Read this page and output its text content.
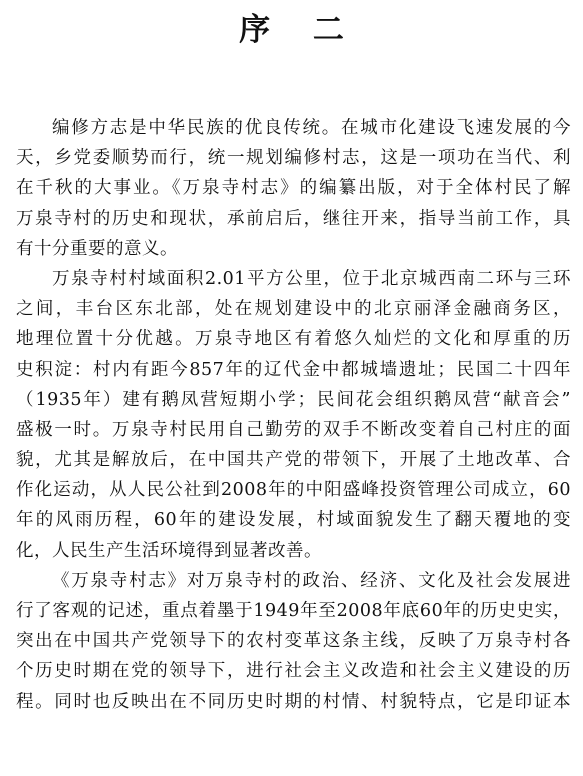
序 二
编修方志是中华民族的优良传统。在城市化建设飞速发展的今
天，乡党委顺势而行，统一规划编修村志，这是一项功在当代、利
在千秋的大事业。《万泉寺村志》的编纂出版，对于全体村民了解
万泉寺村的历史和现状，承前启后，继往开来，指导当前工作，具
有十分重要的意义。
万泉寺村村域面积2.01平方公里，位于北京城西南二环与三环
之间，丰台区东北部，处在规划建设中的北京丽泽金融商务区，
地理位置十分优越。万泉寺地区有着悠久灿烂的文化和厚重的历
史积淀：村内有距今857年的辽代金中都城墙遗址；民国二十四年
（1935年）建有鹅凤营短期小学；民间花会组织鹅凤营“献音会”
盛极一时。万泉寺村民用自己勤劳的双手不断改变着自己村庄的面
貌，尤其是解放后，在中国共产党的带领下，开展了土地改革、合
作化运动，从人民公社到2008年的中阳盛峰投资管理公司成立，60
年的风雨历程，60年的建设发展，村域面貌发生了翻天覆地的变
化，人民生产生活环境得到显著改善。
《万泉寺村志》对万泉寺村的政治、经济、文化及社会发展进
行了客观的记述，重点着墨于1949年至2008年底60年的历史史实，
突出在中国共产党领导下的农村变革这条主线，反映了万泉寺村各
个历史时期在党的领导下，进行社会主义改造和社会主义建设的历
程。同时也反映出在不同历史时期的村情、村貌特点，它是印证本
